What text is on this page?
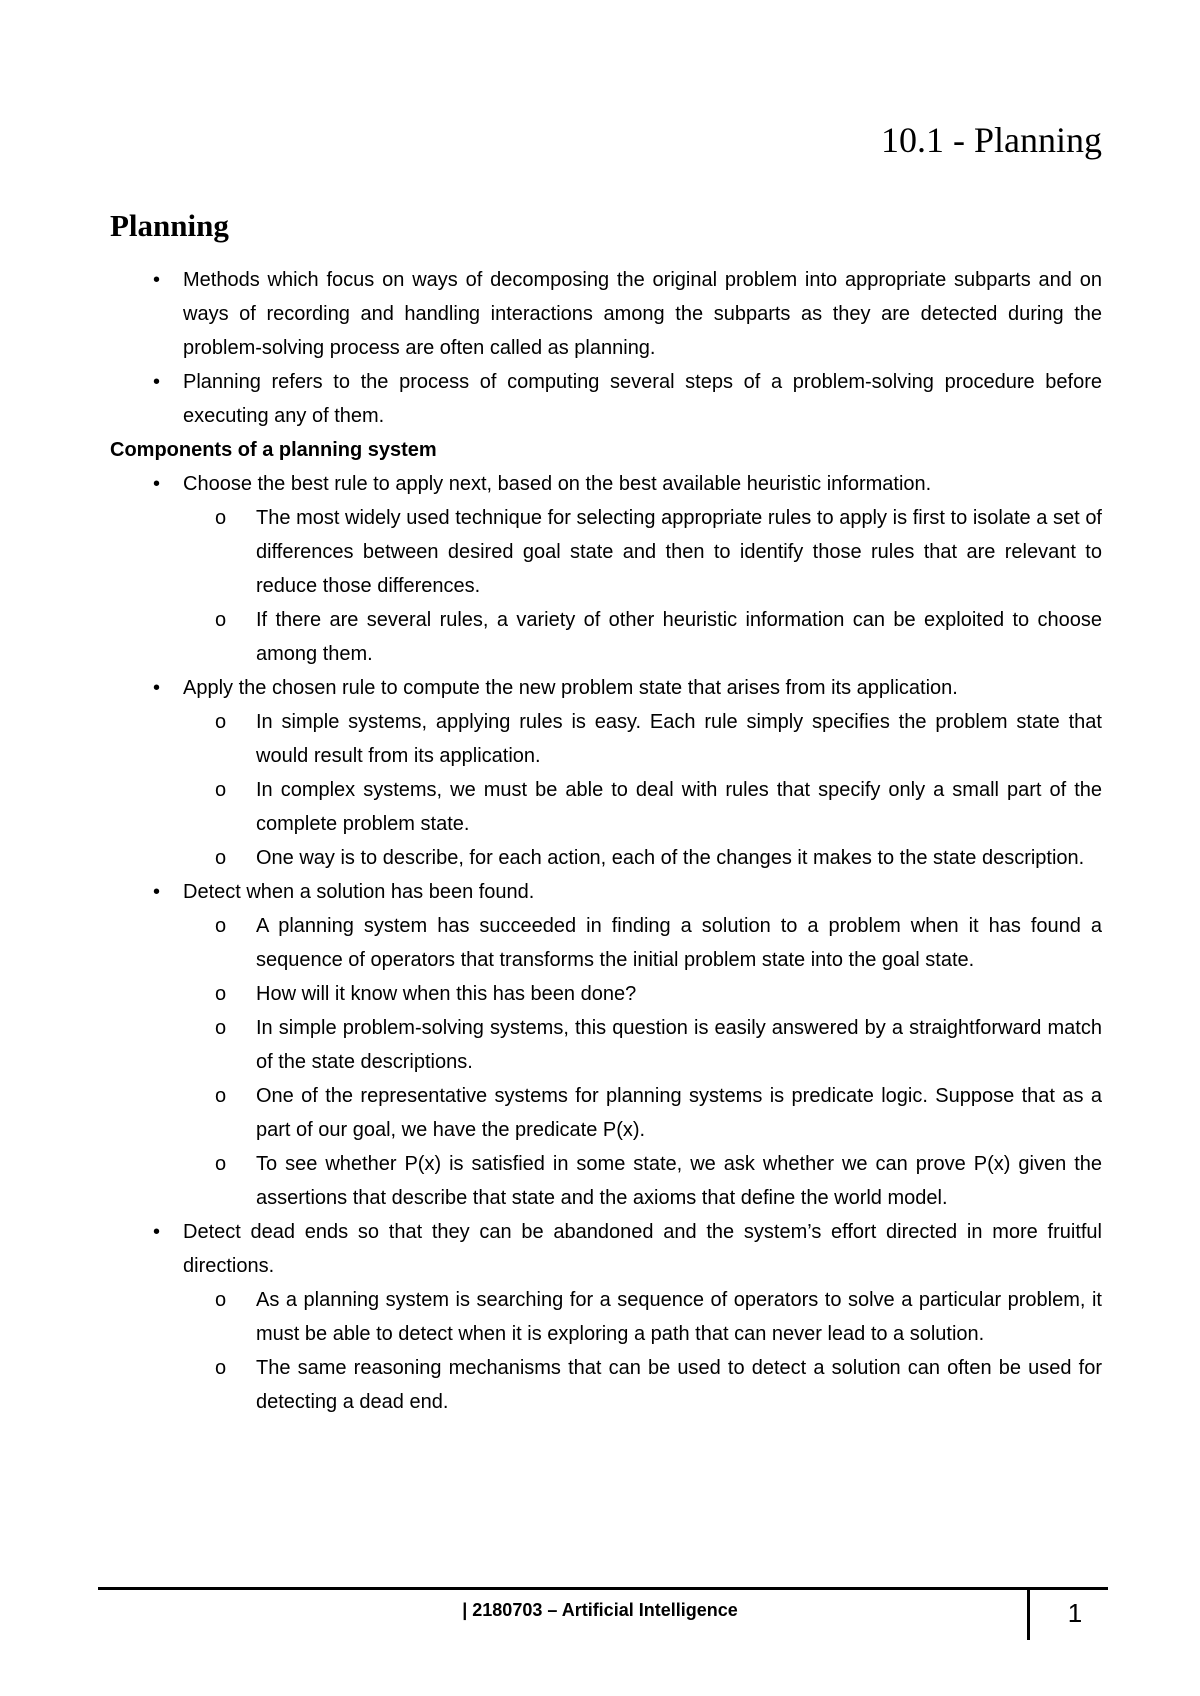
10.1 - Planning
Planning
• Methods which focus on ways of decomposing the original problem into appropriate subparts and on ways of recording and handling interactions among the subparts as they are detected during the problem-solving process are often called as planning.
• Planning refers to the process of computing several steps of a problem-solving procedure before executing any of them.

Components of a planning system

• Choose the best rule to apply next, based on the best available heuristic information.
o The most widely used technique for selecting appropriate rules to apply is first to isolate a set of differences between desired goal state and then to identify those rules that are relevant to reduce those differences.
o If there are several rules, a variety of other heuristic information can be exploited to choose among them.
• Apply the chosen rule to compute the new problem state that arises from its application.
o In simple systems, applying rules is easy. Each rule simply specifies the problem state that would result from its application.
o In complex systems, we must be able to deal with rules that specify only a small part of the complete problem state.
o One way is to describe, for each action, each of the changes it makes to the state description.
• Detect when a solution has been found.
o A planning system has succeeded in finding a solution to a problem when it has found a sequence of operators that transforms the initial problem state into the goal state.
o How will it know when this has been done?
o In simple problem-solving systems, this question is easily answered by a straightforward match of the state descriptions.
o One of the representative systems for planning systems is predicate logic. Suppose that as a part of our goal, we have the predicate P(x).
o To see whether P(x) is satisfied in some state, we ask whether we can prove P(x) given the assertions that describe that state and the axioms that define the world model.
• Detect dead ends so that they can be abandoned and the system’s effort directed in more fruitful directions.
o As a planning system is searching for a sequence of operators to solve a particular problem, it must be able to detect when it is exploring a path that can never lead to a solution.
o The same reasoning mechanisms that can be used to detect a solution can often be used for detecting a dead end.
| 2180703 – Artificial Intelligence	1
